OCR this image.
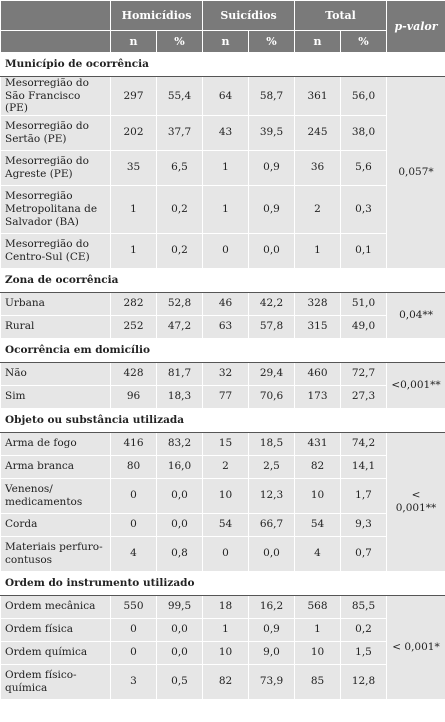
	Homicídios		Suicídios		Total		p-valor
	n	%	n	%	n	%	
Município de ocorrência							
Mesorregião do São Francisco (PE)	297	55,4	64	58,7	361	56,0	0,057*
Mesorregião do Sertão (PE)	202	37,7	43	39,5	245	38,0	
Mesorregião do Agreste (PE)	35	6,5	1	0,9	36	5,6	
Mesorregião Metropolitana de Salvador (BA)	1	0,2	1	0,9	2	0,3	
Mesorregião do Centro-Sul (CE)	1	0,2	0	0,0	1	0,1	
Zona de ocorrência							
Urbana	282	52,8	46	42,2	328	51,0	0,04**
Rural	252	47,2	63	57,8	315	49,0	
Ocorrência em domicílio							
Não	428	81,7	32	29,4	460	72,7	<0,001**
Sim	96	18,3	77	70,6	173	27,3	
Objeto ou substância utilizada							
Arma de fogo	416	83,2	15	18,5	431	74,2	< 0,001**
Arma branca	80	16,0	2	2,5	82	14,1	
Venenos/ medicamentos	0	0,0	10	12,3	10	1,7	
Corda	0	0,0	54	66,7	54	9,3	
Materiais perfuro-contusos	4	0,8	0	0,0	4	0,7	
Ordem do instrumento utilizado							
Ordem mecânica	550	99,5	18	16,2	568	85,5	< 0,001*
Ordem física	0	0,0	1	0,9	1	0,2	
Ordem química	0	0,0	10	9,0	10	1,5	
Ordem físico-química	3	0,5	82	73,9	85	12,8	
